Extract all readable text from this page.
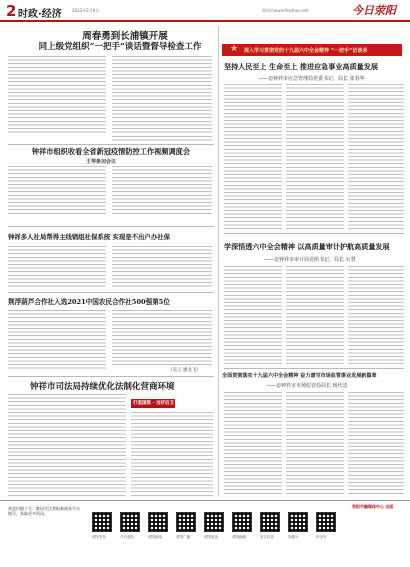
2 时政·经济	2023年2月8日	郑州市www.fenzhou.net	今日荥阳
周春勇到长浦镇开展
同上级党组织“一把手”谈话暨督导检查工作
钟祥市组织收看全省新冠疫情防控工作视频调度会
王琴参加会议
钟祥多人社局帮得主线销组社保系统 实现是不出户办社保
荆浮葫芦合作社入选2021中国农民合作社500强第5位
（吴云 廖龙飞）
钟祥市司法局持续优化法制化营商环境
打造国悠 · 当好后卫 担当尽呼
★ 深入学习贯彻党的十九届六中全会精神 “一把手”访谈录
坚持人民至上 生命至上 推进应急事业高质量发展
——访钟祥市应急管理局党委书记、局长 张春华
学深悟透六中全会精神 以高质量审计护航高质量发展
——访钟祥市审计局党组书记、局长 石慧
全面贯彻落实十九届六中全会精神 奋力谱写市场监管事业发展新篇章
——访钟祥市市场监管局局长 杨代忠
欢迎扫描下方二维码关注荥阳新闻各平台账号，获取更多资讯。
荥阳发布	今日荥阳	荥阳新闻	荥阳广播	荥阳电视	荥阳融媒	官方抖音	视频号	快手号
荥阳市融媒体中心 出版
